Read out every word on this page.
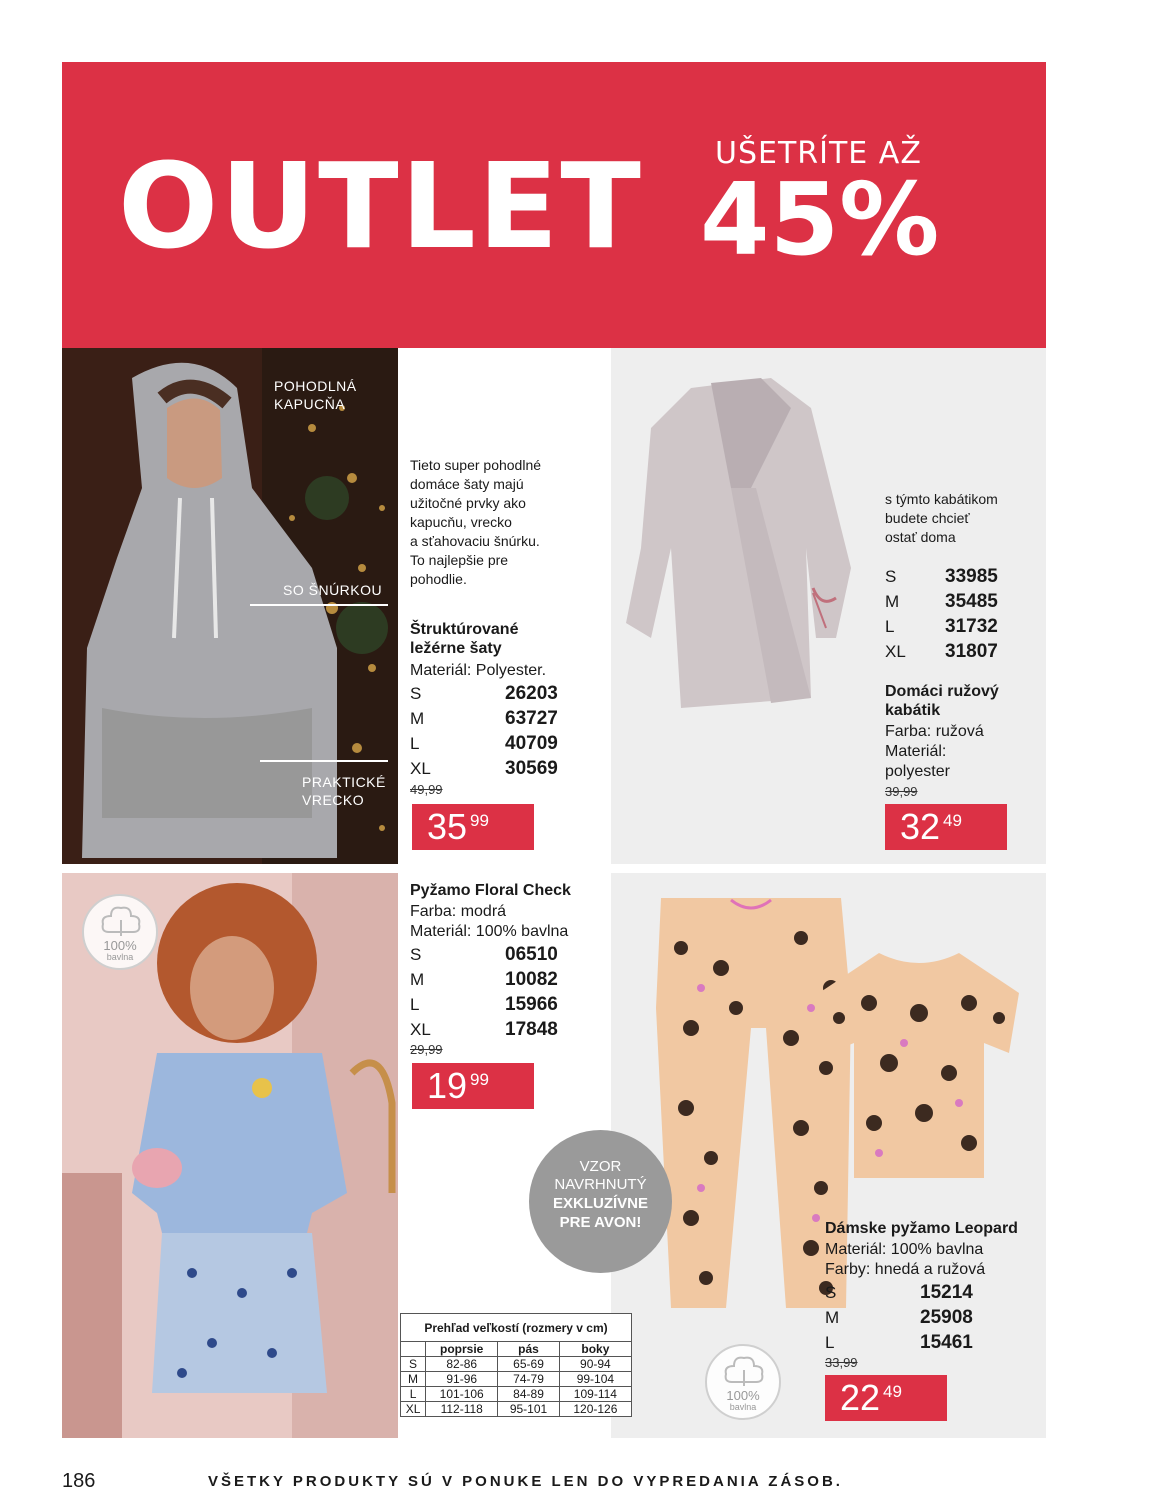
OUTLET UŠETRÍTE AŽ
45%
POHODLNÁ KAPUCŇA
SO ŠNÚRKOU
PRAKTICKÉ VRECKO
Tieto super pohodlné
domáce šaty majú
užitočné prvky ako
kapucňu, vrecko
a sťahovaciu šnúrku.
To najlepšie pre
pohodlie.
Štruktúrované
ležérne šaty
Materiál: Polyester.
S	26203
M	63727
L	40709
XL	30569
49,99
35 99
s týmto kabátikom
budete chcieť
ostať doma
S	33985
M	35485
L	31732
XL	31807
Domáci ružový
kabátik
Farba: ružová
Materiál:
polyester
39,99
32 49
100%
bavlna
Pyžamo Floral Check
Farba: modrá
Materiál: 100% bavlna
S	06510
M	10082
L	15966
XL	17848
29,99
19 99
100%
bavlna
Dámske pyžamo Leopard
Materiál: 100% bavlna
Farby: hnedá a ružová
S	15214
M	25908
L	15461
33,99
22 49
VZOR
NAVRHNUTÝ
EXKLUZÍVNE
PRE AVON!
Prehľad veľkostí (rozmery v cm)			
	poprsie	pás	boky
S	82-86	65-69	90-94
M	91-96	74-79	99-104
L	101-106	84-89	109-114
XL	112-118	95-101	120-126
186	VŠETKY PRODUKTY SÚ V PONUKE LEN DO VYPREDANIA ZÁSOB.
